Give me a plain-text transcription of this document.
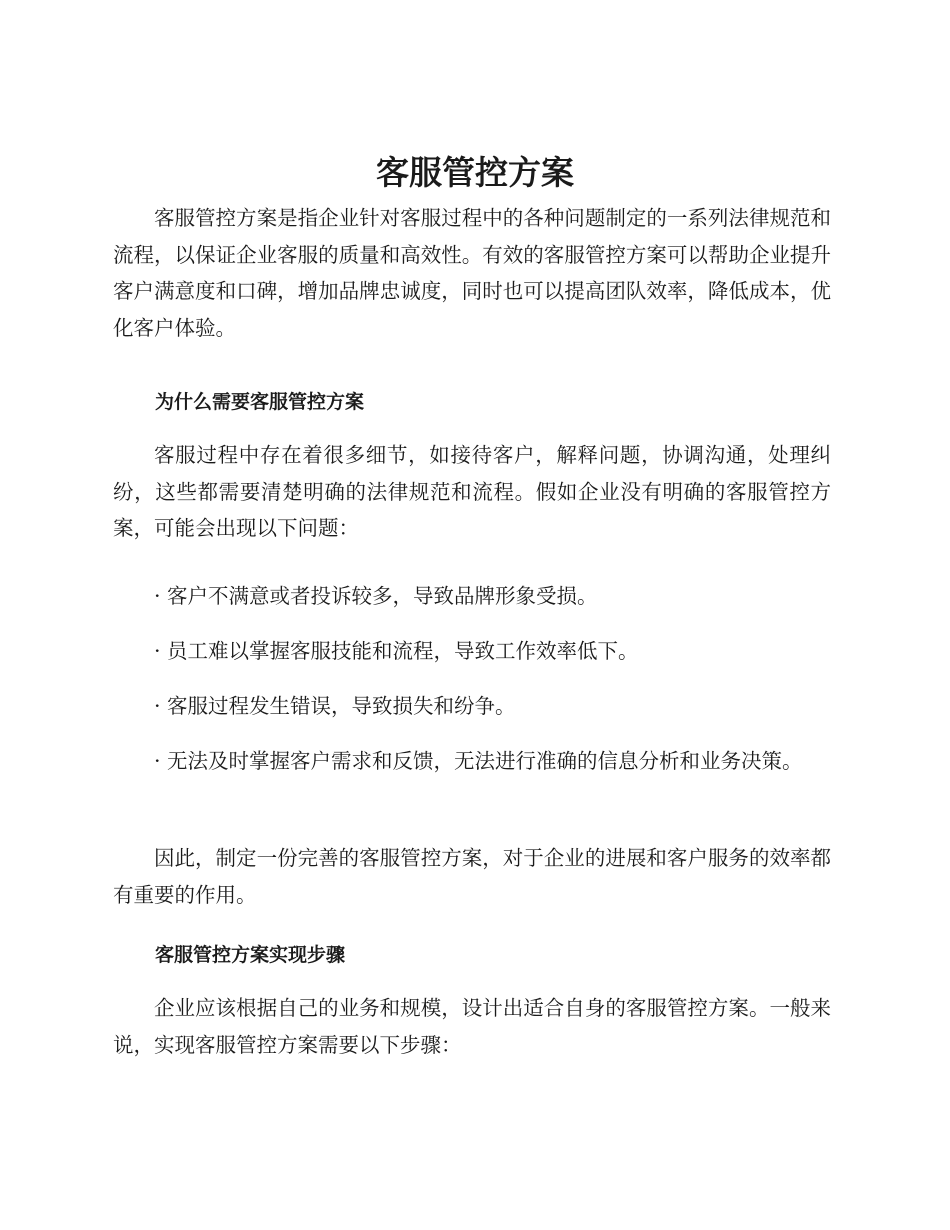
客服管控方案

客服管控方案是指企业针对客服过程中的各种问题制定的一系列法律规范和流程，以保证企业客服的质量和高效性。有效的客服管控方案可以帮助企业提升客户满意度和口碑，增加品牌忠诚度，同时也可以提高团队效率，降低成本，优化客户体验。

为什么需要客服管控方案

客服过程中存在着很多细节，如接待客户，解释问题，协调沟通，处理纠纷，这些都需要清楚明确的法律规范和流程。假如企业没有明确的客服管控方案，可能会出现以下问题：

· 客户不满意或者投诉较多，导致品牌形象受损。

· 员工难以掌握客服技能和流程，导致工作效率低下。

· 客服过程发生错误，导致损失和纷争。

· 无法及时掌握客户需求和反馈，无法进行准确的信息分析和业务决策。

因此，制定一份完善的客服管控方案，对于企业的进展和客户服务的效率都有重要的作用。

客服管控方案实现步骤

企业应该根据自己的业务和规模，设计出适合自身的客服管控方案。一般来说，实现客服管控方案需要以下步骤：
